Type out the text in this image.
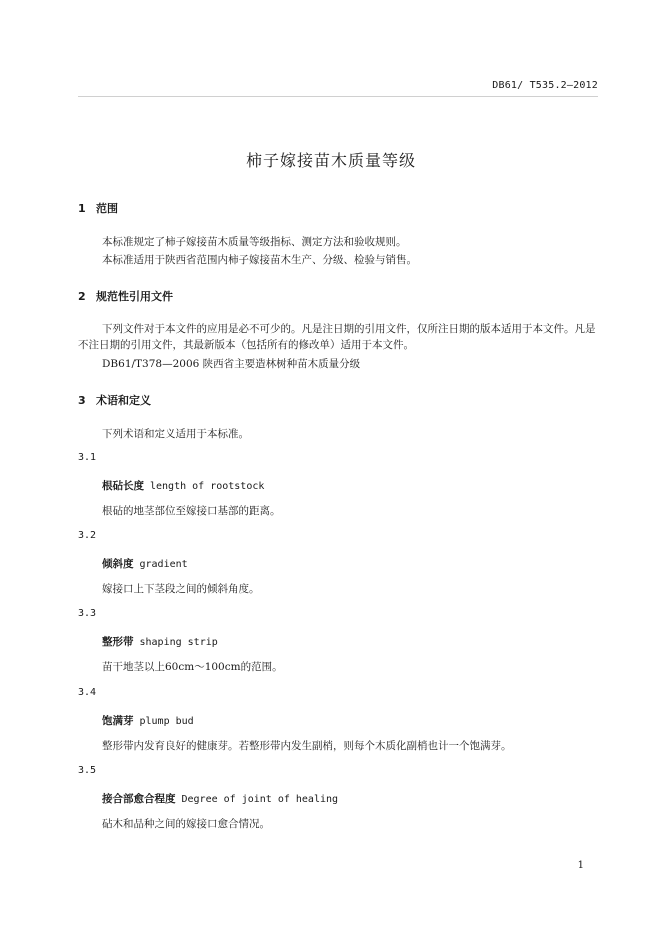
DB61/ T535.2—2012
柿子嫁接苗木质量等级
1 范围
本标准规定了柿子嫁接苗木质量等级指标、测定方法和验收规则。
本标准适用于陕西省范围内柿子嫁接苗木生产、分级、检验与销售。
2 规范性引用文件
下列文件对于本文件的应用是必不可少的。凡是注日期的引用文件，仅所注日期的版本适用于本文件。凡是不注日期的引用文件，其最新版本（包括所有的修改单）适用于本文件。
DB61/T378—2006 陕西省主要造林树种苗木质量分级
3 术语和定义
下列术语和定义适用于本标准。
3.1
根砧长度 length of rootstock
根砧的地茎部位至嫁接口基部的距离。
3.2
倾斜度 gradient
嫁接口上下茎段之间的倾斜角度。
3.3
整形带 shaping strip
苗干地茎以上60cm～100cm的范围。
3.4
饱满芽 plump bud
整形带内发育良好的健康芽。若整形带内发生副梢，则每个木质化副梢也计一个饱满芽。
3.5
接合部愈合程度 Degree of joint of healing
砧木和品种之间的嫁接口愈合情况。
1
